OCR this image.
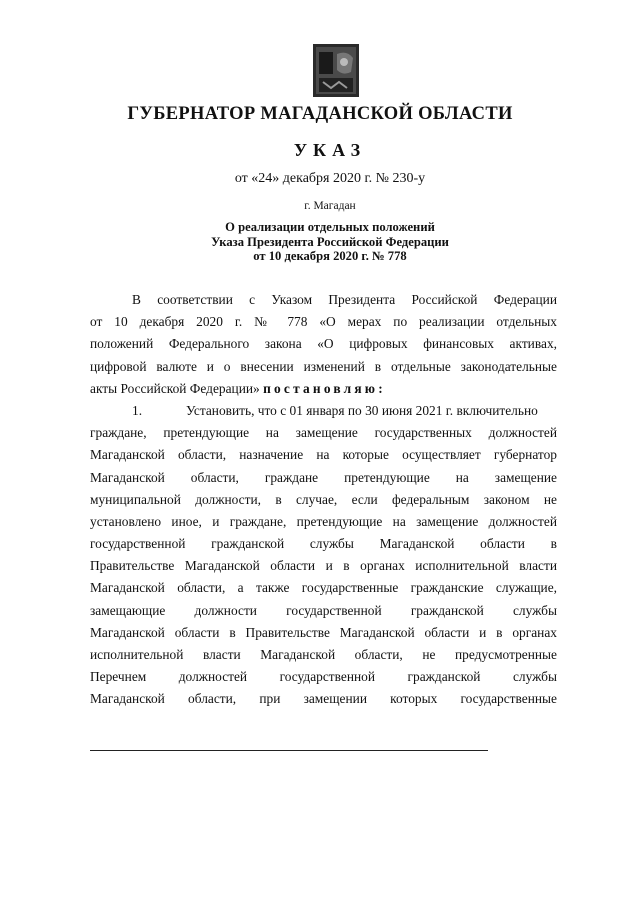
ГУБЕРНАТОР МАГАДАНСКОЙ ОБЛАСТИ
УКАЗ
от «24» декабря 2020 г. № 230-у
г. Магадан
О реализации отдельных положений
Указа Президента Российской Федерации
от 10 декабря 2020 г. № 778
В соответствии с Указом Президента Российской Федерации
от 10 декабря 2020 г. № 778 «О мерах по реализации отдельных
положений Федерального закона «О цифровых финансовых активах,
цифровой валюте и о внесении изменений в отдельные законодательные
акты Российской Федерации» постановляю:
1.	Установить, что с 01 января по 30 июня 2021 г. включительно
граждане, претендующие на замещение государственных должностей
Магаданской области, назначение на которые осуществляет губернатор
Магаданской области, граждане претендующие на замещение
муниципальной должности, в случае, если федеральным законом не
установлено иное, и граждане, претендующие на замещение должностей
государственной гражданской службы Магаданской области в
Правительстве Магаданской области и в органах исполнительной власти
Магаданской области, а также государственные гражданские служащие,
замещающие должности государственной гражданской службы
Магаданской области в Правительстве Магаданской области и в органах
исполнительной власти Магаданской области, не предусмотренные
Перечнем должностей государственной гражданской службы
Магаданской области, при замещении которых государственные
